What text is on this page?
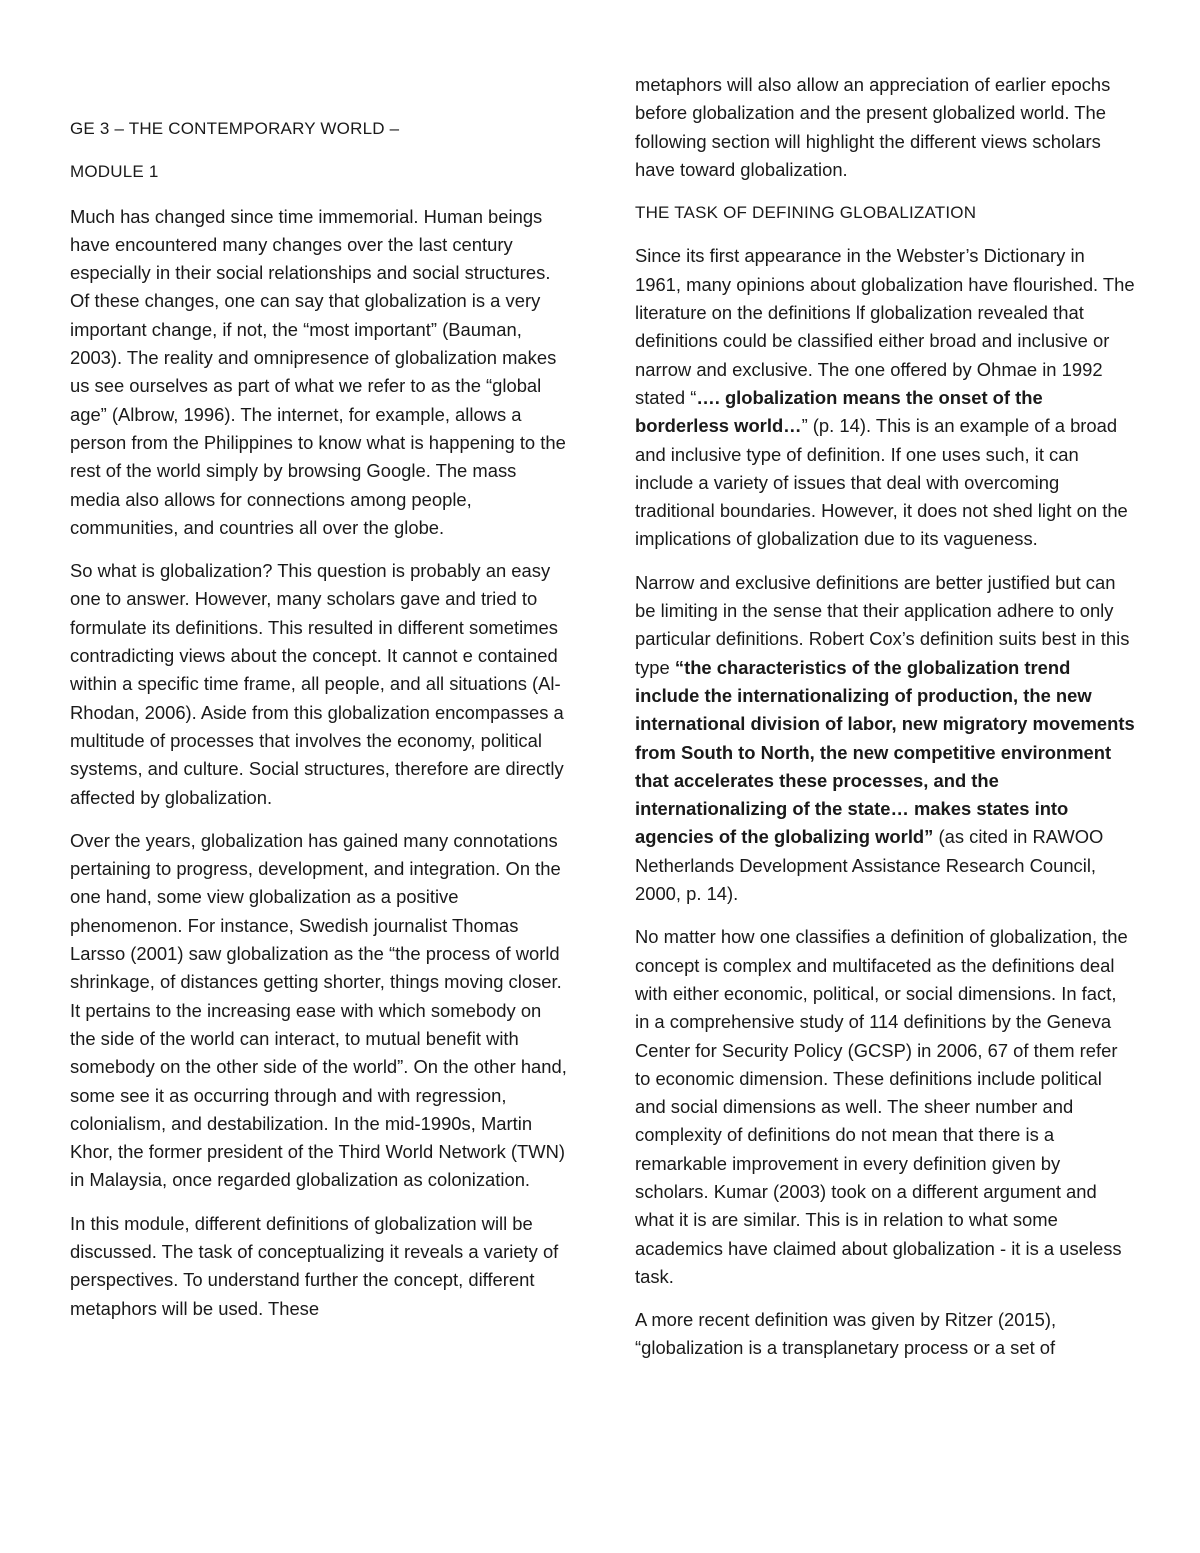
GE 3 – THE CONTEMPORARY WORLD –

MODULE 1

Much has changed since time immemorial. Human beings have encountered many changes over the last century especially in their social relationships and social structures. Of these changes, one can say that globalization is a very important change, if not, the “most important” (Bauman, 2003). The reality and omnipresence of globalization makes us see ourselves as part of what we refer to as the “global age” (Albrow, 1996). The internet, for example, allows a person from the Philippines to know what is happening to the rest of the world simply by browsing Google. The mass media also allows for connections among people, communities, and countries all over the globe.

So what is globalization? This question is probably an easy one to answer. However, many scholars gave and tried to formulate its definitions. This resulted in different sometimes contradicting views about the concept. It cannot e contained within a specific time frame, all people, and all situations (Al-Rhodan, 2006). Aside from this globalization encompasses a multitude of processes that involves the economy, political systems, and culture. Social structures, therefore are directly affected by globalization.

Over the years, globalization has gained many connotations pertaining to progress, development, and integration. On the one hand, some view globalization as a positive phenomenon. For instance, Swedish journalist Thomas Larsso (2001) saw globalization as the “the process of world shrinkage, of distances getting shorter, things moving closer. It pertains to the increasing ease with which somebody on the side of the world can interact, to mutual benefit with somebody on the other side of the world”. On the other hand, some see it as occurring through and with regression, colonialism, and destabilization. In the mid-1990s, Martin Khor, the former president of the Third World Network (TWN) in Malaysia, once regarded globalization as colonization.

In this module, different definitions of globalization will be discussed. The task of conceptualizing it reveals a variety of perspectives. To understand further the concept, different metaphors will be used. These

metaphors will also allow an appreciation of earlier epochs before globalization and the present globalized world. The following section will highlight the different views scholars have toward globalization.

THE TASK OF DEFINING GLOBALIZATION

Since its first appearance in the Webster’s Dictionary in 1961, many opinions about globalization have flourished. The literature on the definitions lf globalization revealed that definitions could be classified either broad and inclusive or narrow and exclusive. The one offered by Ohmae in 1992 stated “…. globalization means the onset of the borderless world…” (p. 14). This is an example of a broad and inclusive type of definition. If one uses such, it can include a variety of issues that deal with overcoming traditional boundaries. However, it does not shed light on the implications of globalization due to its vagueness.

Narrow and exclusive definitions are better justified but can be limiting in the sense that their application adhere to only particular definitions. Robert Cox’s definition suits best in this type “the characteristics of the globalization trend include the internationalizing of production, the new international division of labor, new migratory movements from South to North, the new competitive environment that accelerates these processes, and the internationalizing of the state… makes states into agencies of the globalizing world” (as cited in RAWOO Netherlands Development Assistance Research Council, 2000, p. 14).

No matter how one classifies a definition of globalization, the concept is complex and multifaceted as the definitions deal with either economic, political, or social dimensions. In fact, in a comprehensive study of 114 definitions by the Geneva Center for Security Policy (GCSP) in 2006, 67 of them refer to economic dimension. These definitions include political and social dimensions as well. The sheer number and complexity of definitions do not mean that there is a remarkable improvement in every definition given by scholars. Kumar (2003) took on a different argument and what it is are similar. This is in relation to what some academics have claimed about globalization - it is a useless task.

A more recent definition was given by Ritzer (2015), “globalization is a transplanetary process or a set of
